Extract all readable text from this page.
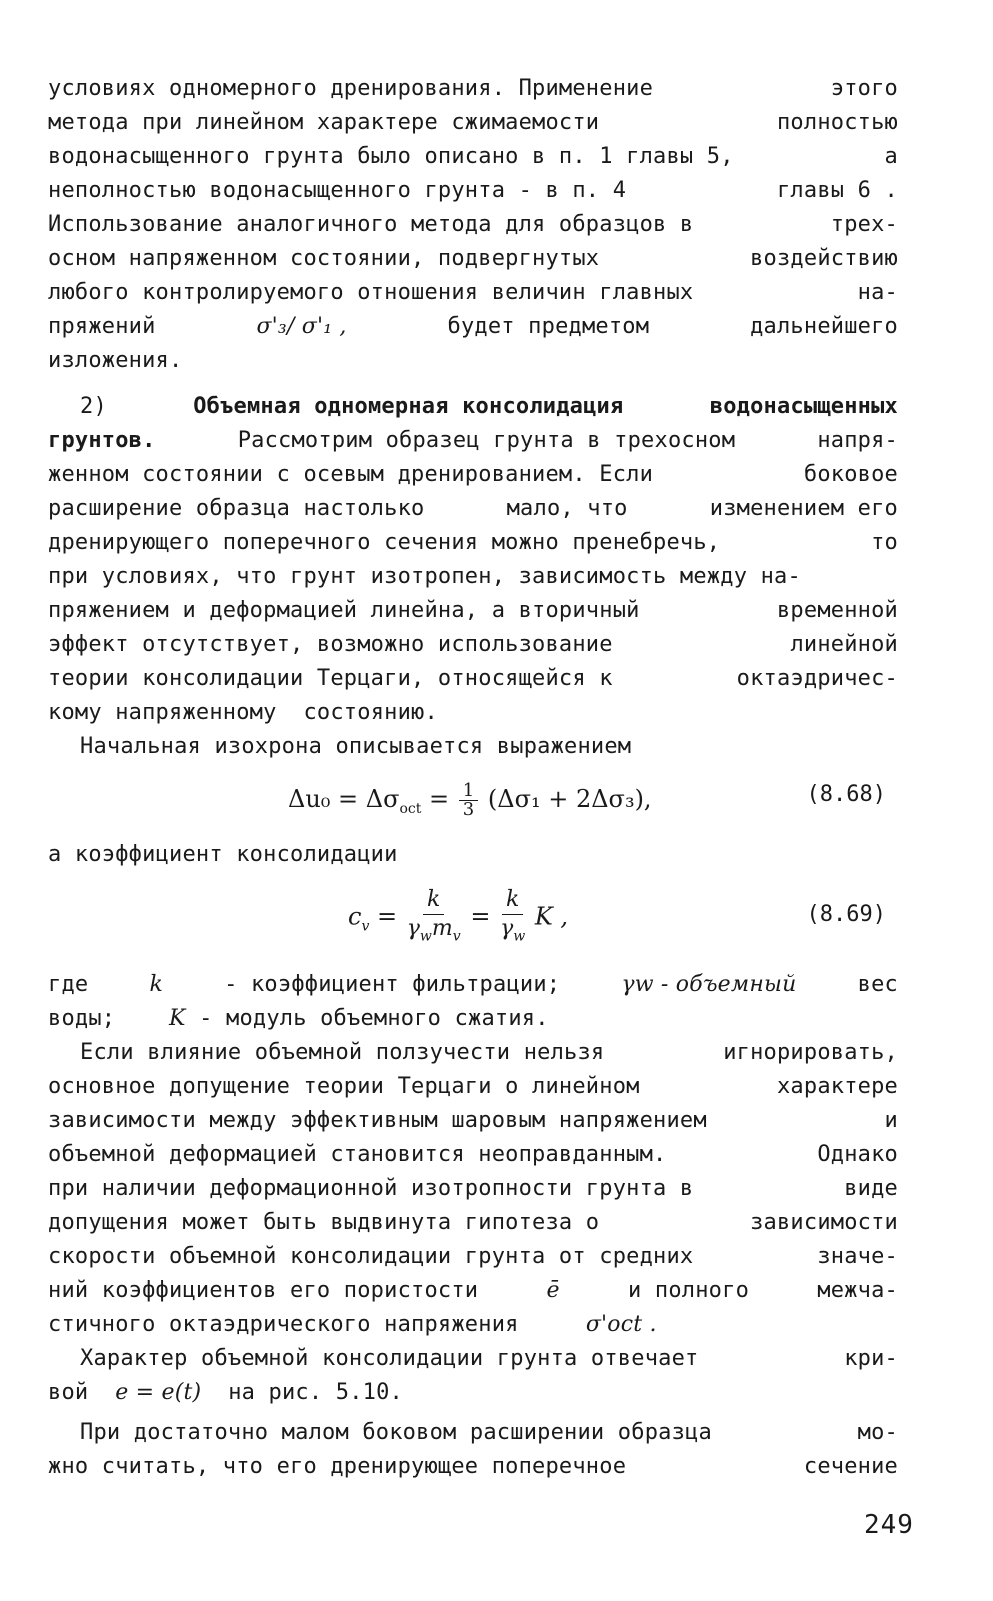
условиях одномерного дренирования. Применение	этого
метода при линейном характере сжимаемости	полностью
водонасыщенного грунта было описано в п. 1 главы 5,	а
неполностью водонасыщенного грунта - в п. 4	главы 6 .
Использование аналогичного метода для образцов в	трех-
осном напряженном состоянии, подвергнутых	воздействию
любого контролируемого отношения величин главных	на-
пряжений	σ'₃/ σ'₁ ,	будет предметом	дальнейшего
изложения.
2)	Объемная одномерная консолидация	водонасыщенных
грунтов.	Рассмотрим образец грунта в трехосном	напря-
женном состоянии с осевым дренированием. Если	боковое
расширение образца настолько	мало, что	изменением его
дренирующего поперечного сечения можно пренебречь,	то
при условиях, что грунт изотропен, зависимость между на-
пряжением и деформацией линейна, а вторичный	временной
эффект отсутствует, возможно использование	линейной
теории консолидации Терцаги, относящейся к	октаэдричес-
кому напряженному
состоянию.
Начальная изохрона описывается выражением
$\Delta u_0 = \Delta\sigma_{oct} = \frac{1}{3} (\Delta\sigma_1 + 2\Delta\sigma_3)$,	(8.68)
а коэффициент консолидации
$c_v = \frac{k}{\gamma_wm_v} = \frac{k}{\gamma_w}$ K ,	(8.69)
где	k	- коэффициент фильтрации;	γw - объемный	вес
воды;
K
- модуль объемного сжатия.
Если влияние объемной ползучести нельзя	игнорировать,
основное допущение теории Терцаги о линейном	характере
зависимости между эффективным шаровым напряжением	и
объемной деформацией становится неоправданным.	Однако
при наличии деформационной изотропности грунта в	виде
допущения может быть выдвинута гипотеза о	зависимости
скорости объемной консолидации грунта от средних	значе-
ний коэффициентов его пористости	ē	и полного	межча-
стичного октаэдрического напряжения
	σ'oct .
Характер объемной консолидации грунта отвечает	кри-
вой
e = e(t)
на рис. 5.10.
При достаточно малом боковом расширении образца	мо-
жно считать, что его дренирующее поперечное	сечение
249
